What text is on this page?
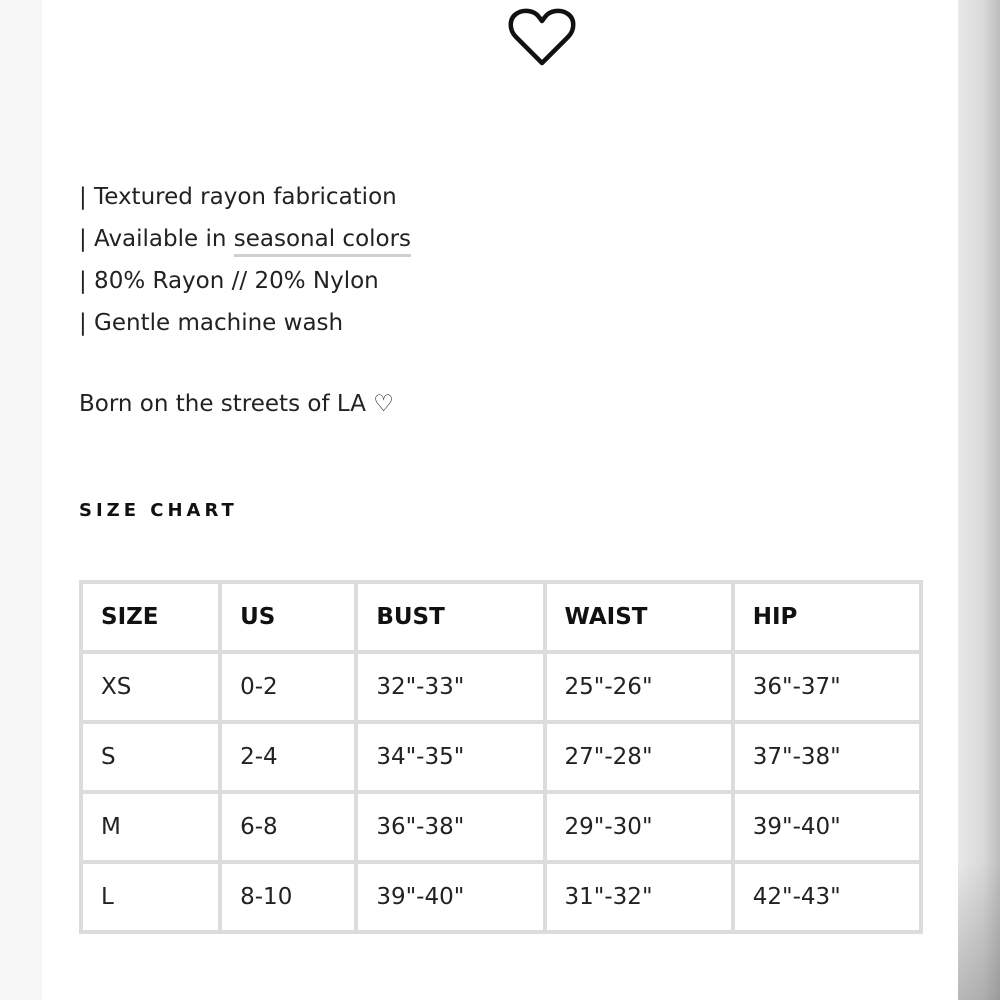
| Textured rayon fabrication
| Available in seasonal colors
| 80% Rayon // 20% Nylon
| Gentle machine wash
Born on the streets of LA ♡
SIZE CHART
SIZE	US	BUST	WAIST	HIP
XS	0-2	32"-33"	25"-26"	36"-37"
S	2-4	34"-35"	27"-28"	37"-38"
M	6-8	36"-38"	29"-30"	39"-40"
L	8-10	39"-40"	31"-32"	42"-43"
